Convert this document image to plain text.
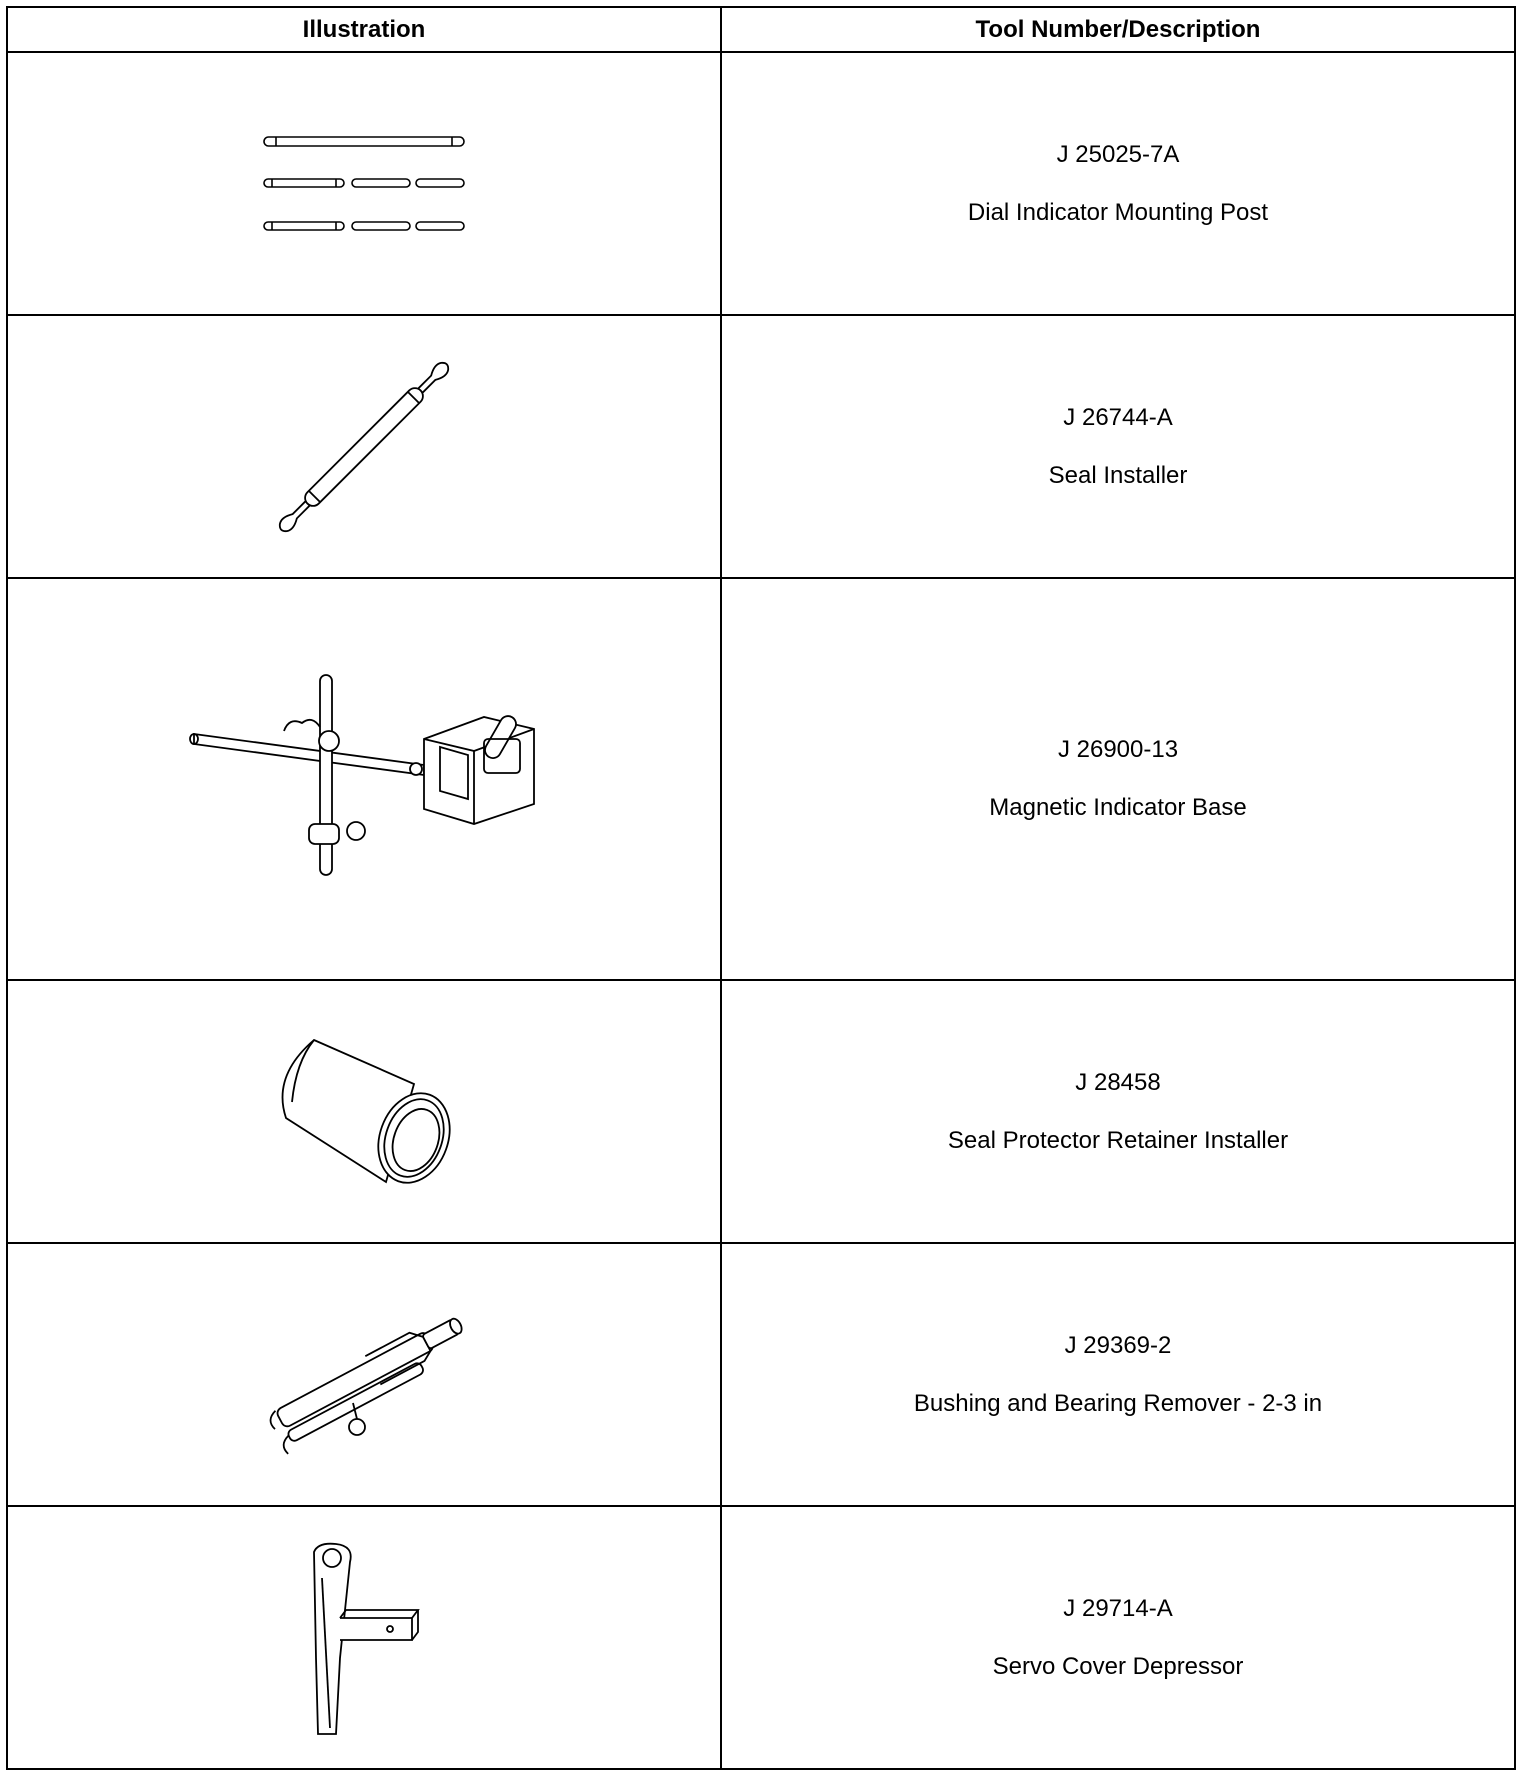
Illustration	Tool Number/Description

J 25025-7A
Dial Indicator Mounting Post

J 26744-A
Seal Installer

J 26900-13
Magnetic Indicator Base

J 28458
Seal Protector Retainer Installer

J 29369-2
Bushing and Bearing Remover - 2-3 in

J 29714-A
Servo Cover Depressor
